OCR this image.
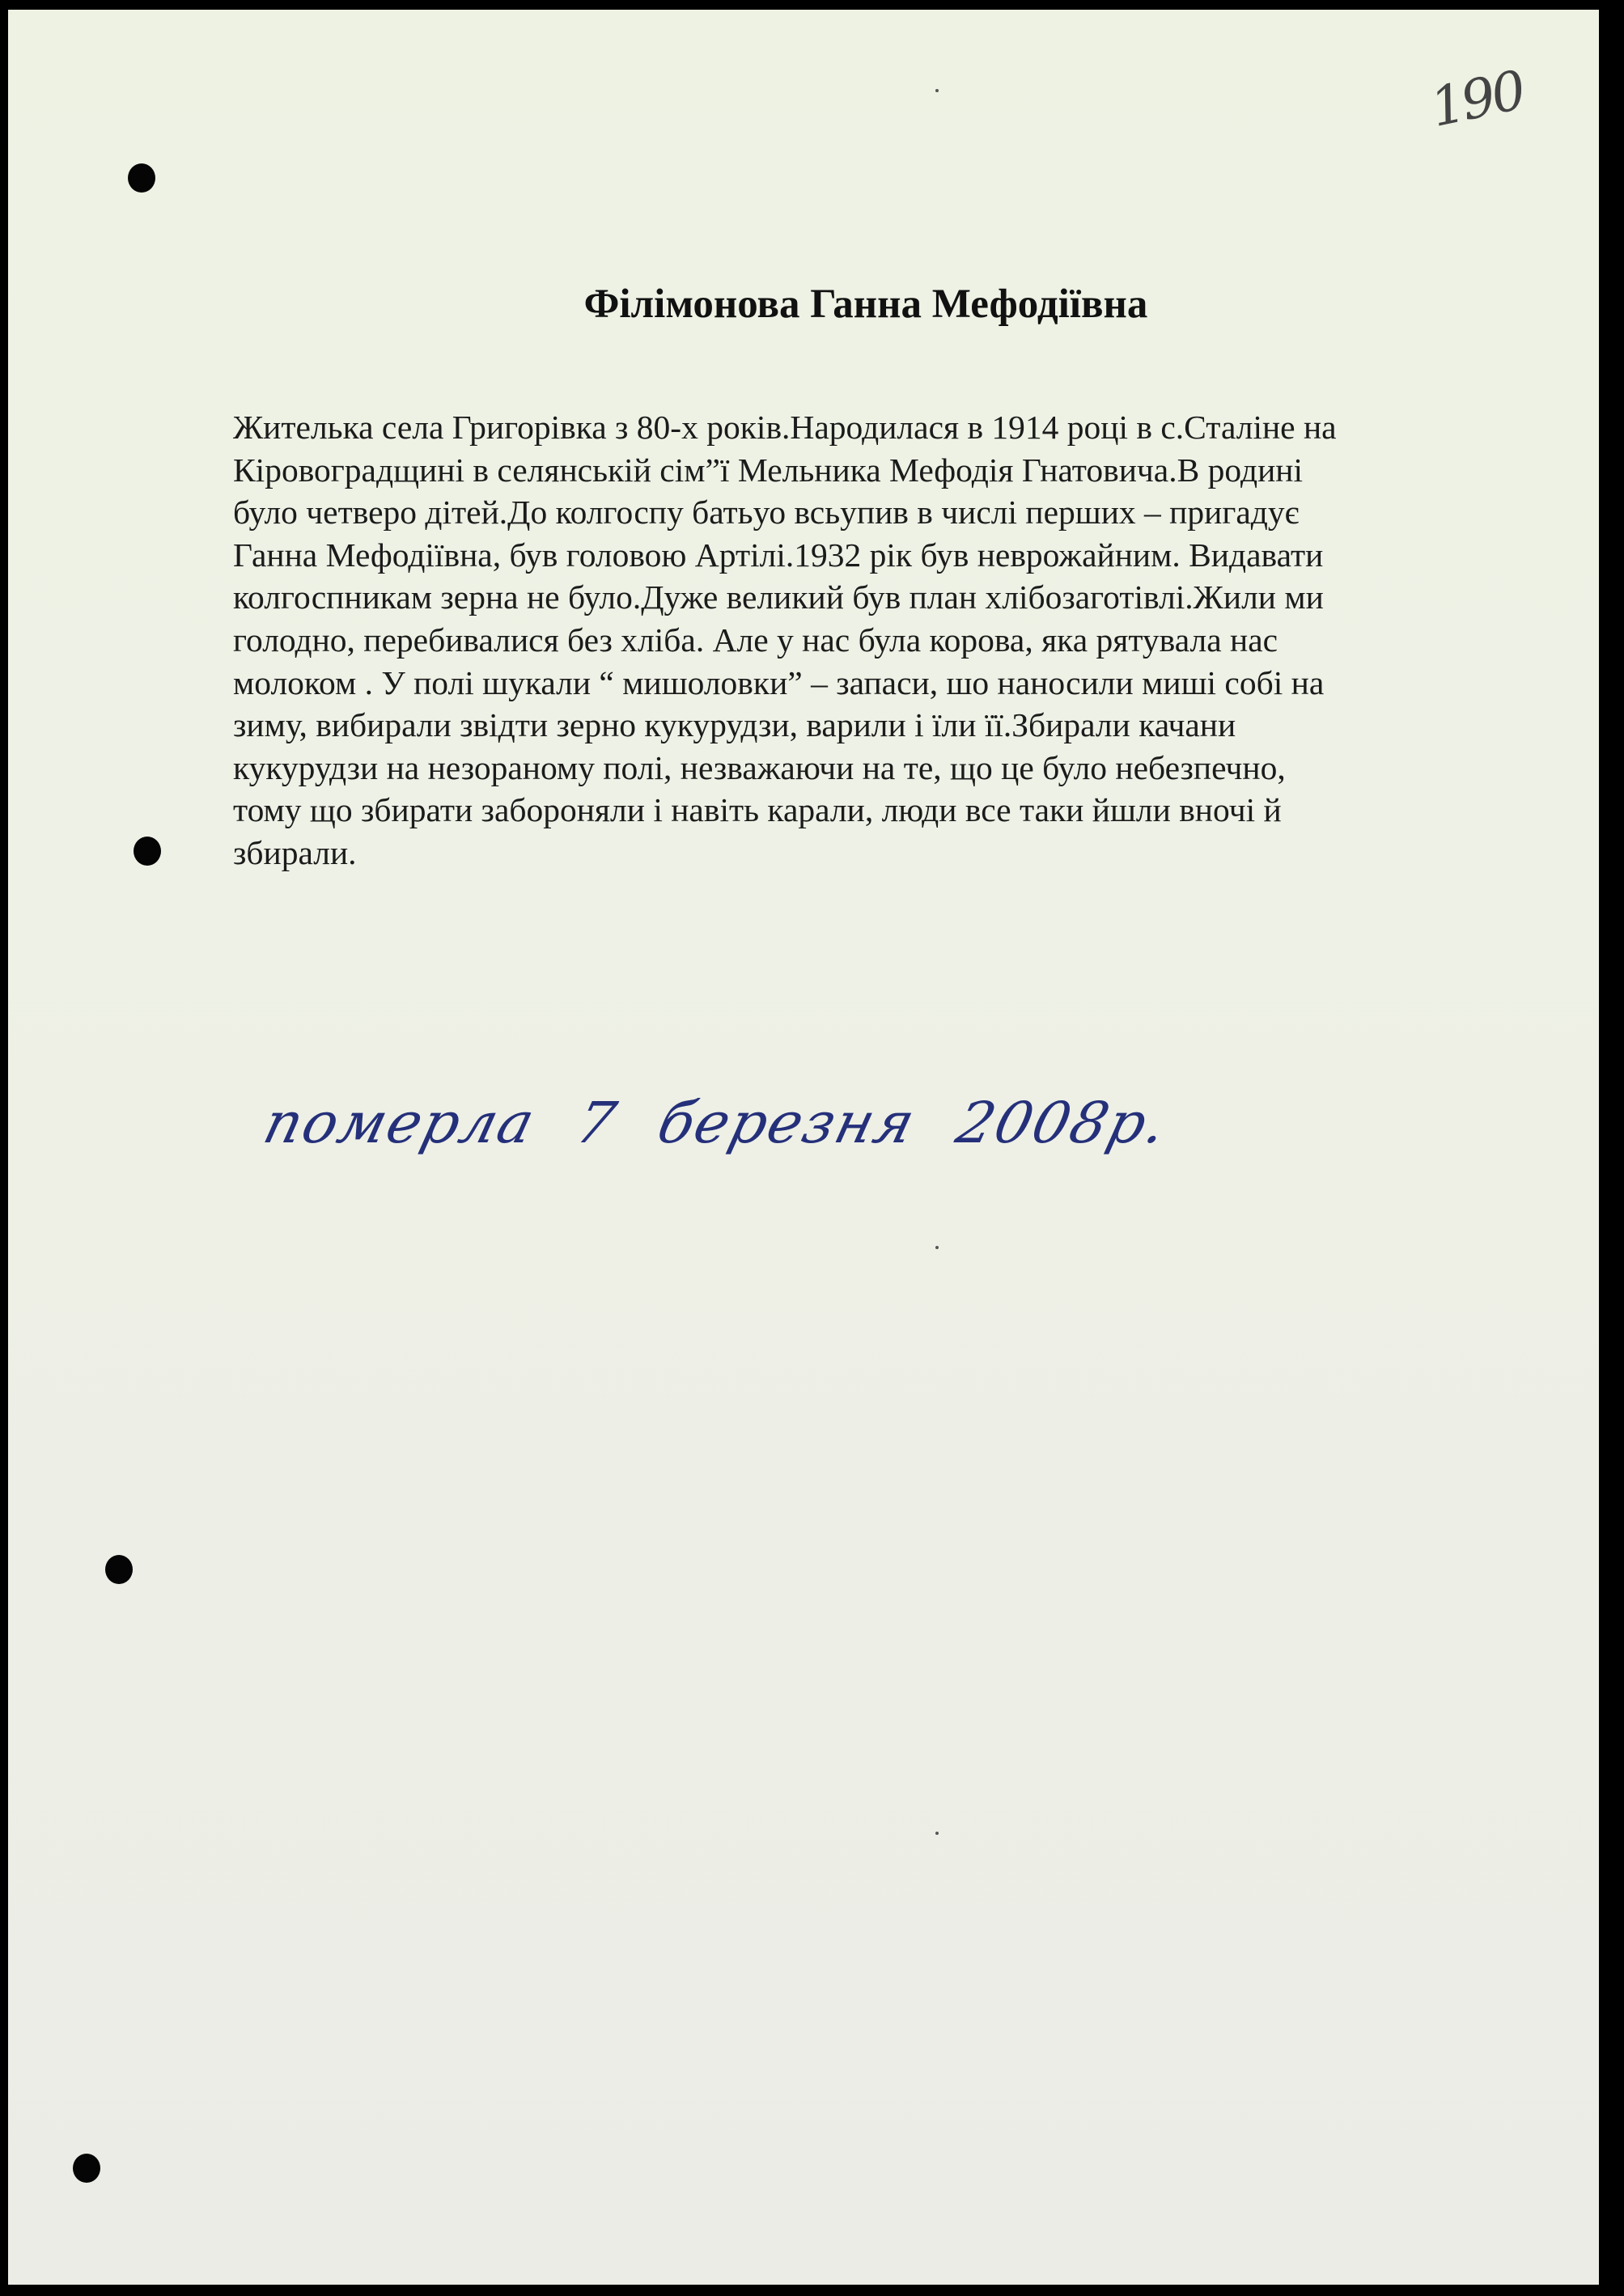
190
Філімонова Ганна Мефодіївна
Жителька села Григорівка з 80-х років.Народилася в 1914 році в с.Сталіне на
Кіровоградщині в селянській сім”ї Мельника Мефодія Гнатовича.В родині
було четверо дітей.До колгоспу батьуо всьупив в числі перших – пригадує
Ганна Мефодіївна, був головою Артілі.1932 рік був неврожайним. Видавати
колгоспникам зерна не було.Дуже великий був план хлібозаготівлі.Жили ми
голодно, перебивалися без хліба. Але у нас була корова, яка рятувала нас
молоком . У полі шукали “ мишоловки” – запаси, шо наносили миші собі на
зиму, вибирали звідти зерно кукурудзи, варили і їли її.Збирали качани
кукурудзи на незораному полі, незважаючи на те, що це було небезпечно,
тому що збирати забороняли і навіть карали, люди все таки йшли вночі й
збирали.
померла 7 березня 2008р.
